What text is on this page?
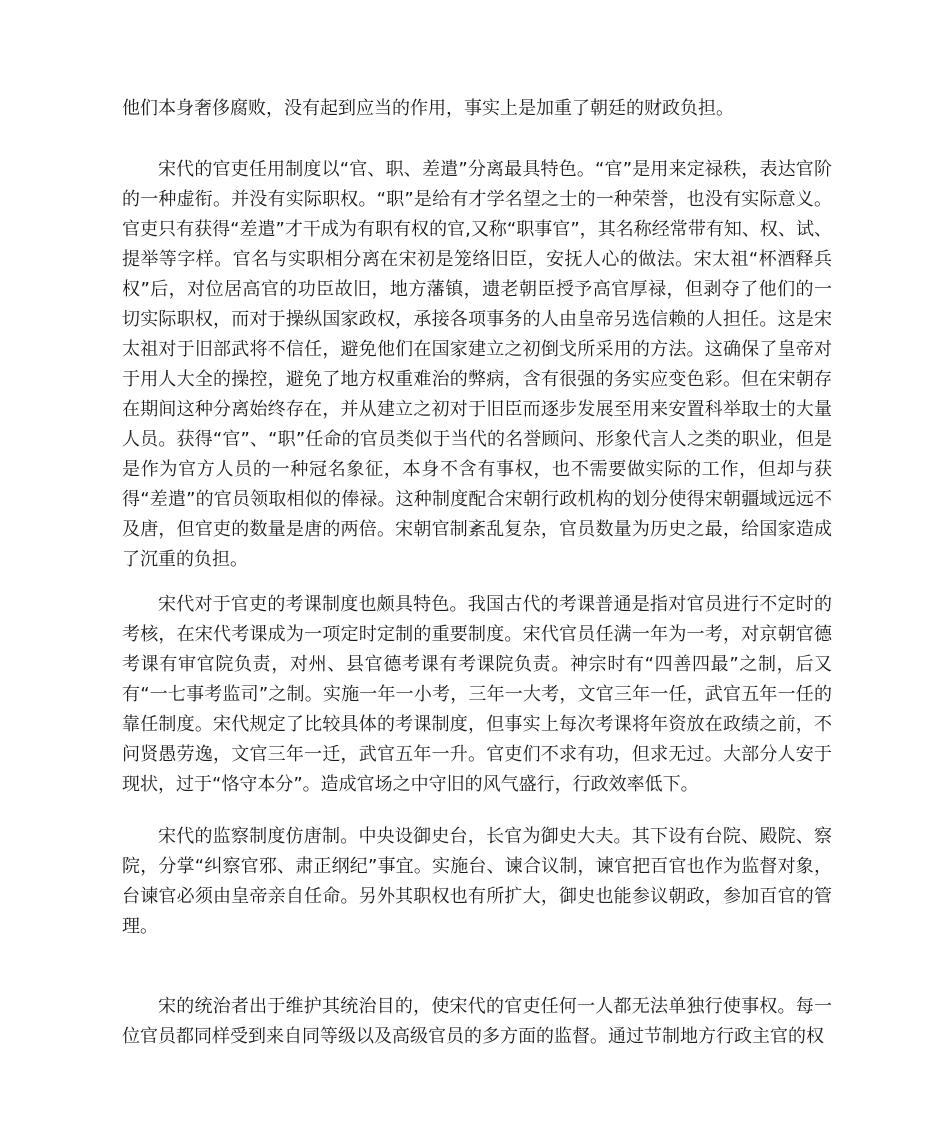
他们本身奢侈腐败，没有起到应当的作用，事实上是加重了朝廷的财政负担。

宋代的官吏任用制度以“官、职、差遣”分离最具特色。“官”是用来定禄秩，表达官阶的一种虚衔。并没有实际职权。“职”是给有才学名望之士的一种荣誉，也没有实际意义。官吏只有获得“差遣”才干成为有职有权的官,又称“职事官”，其名称经常带有知、权、试、提举等字样。官名与实职相分离在宋初是笼络旧臣，安抚人心的做法。宋太祖“杯酒释兵权”后，对位居高官的功臣故旧，地方藩镇，遗老朝臣授予高官厚禄，但剥夺了他们的一切实际职权，而对于操纵国家政权，承接各项事务的人由皇帝另选信赖的人担任。这是宋太祖对于旧部武将不信任，避免他们在国家建立之初倒戈所采用的方法。这确保了皇帝对于用人大全的操控，避免了地方权重难治的弊病，含有很强的务实应变色彩。但在宋朝存在期间这种分离始终存在，并从建立之初对于旧臣而逐步发展至用来安置科举取士的大量人员。获得“官”、“职”任命的官员类似于当代的名誉顾问、形象代言人之类的职业，但是是作为官方人员的一种冠名象征，本身不含有事权，也不需要做实际的工作，但却与获得“差遣”的官员领取相似的俸禄。这种制度配合宋朝行政机构的划分使得宋朝疆域远远不及唐，但官吏的数量是唐的两倍。宋朝官制紊乱复杂，官员数量为历史之最，给国家造成了沉重的负担。

宋代对于官吏的考课制度也颇具特色。我国古代的考课普通是指对官员进行不定时的考核，在宋代考课成为一项定时定制的重要制度。宋代官员任满一年为一考，对京朝官德考课有审官院负责，对州、县官德考课有考课院负责。神宗时有“四善四最”之制，后又有“一七事考监司”之制。实施一年一小考，三年一大考，文官三年一任，武官五年一任的靠任制度。宋代规定了比较具体的考课制度，但事实上每次考课将年资放在政绩之前，不问贤愚劳逸，文官三年一迁，武官五年一升。官吏们不求有功，但求无过。大部分人安于现状，过于“恪守本分”。造成官场之中守旧的风气盛行，行政效率低下。

宋代的监察制度仿唐制。中央设御史台，长官为御史大夫。其下设有台院、殿院、察院，分掌“纠察官邪、肃正纲纪”事宜。实施台、谏合议制，谏官把百官也作为监督对象，台谏官必须由皇帝亲自任命。另外其职权也有所扩大，御史也能参议朝政，参加百官的管理。

宋的统治者出于维护其统治目的，使宋代的官吏任何一人都无法单独行使事权。每一位官员都同样受到来自同等级以及高级官员的多方面的监督。通过节制地方行政主官的权
